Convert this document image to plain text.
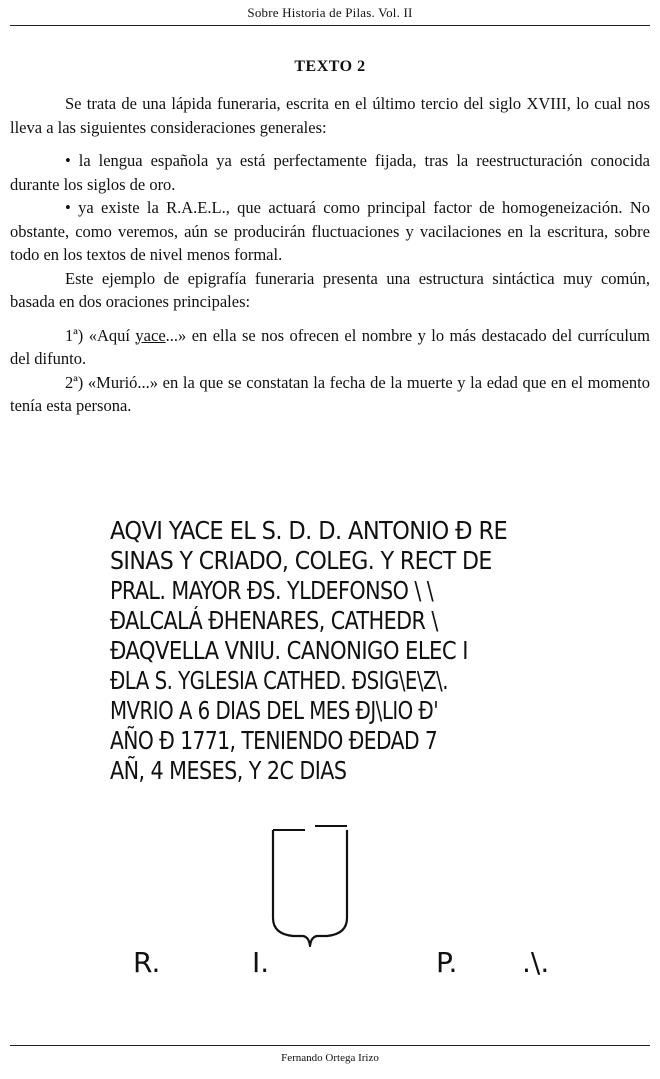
Sobre Historia de Pilas. Vol. II
TEXTO 2

Se trata de una lápida funeraria, escrita en el último tercio del siglo XVIII, lo cual nos lleva a las siguientes consideraciones generales:

• la lengua española ya está perfectamente fijada, tras la reestructuración conocida durante los siglos de oro.

• ya existe la R.A.E.L., que actuará como principal factor de homogeneización. No obstante, como veremos, aún se producirán fluctuaciones y vacilaciones en la escritura, sobre todo en los textos de nivel menos formal.

Este ejemplo de epigrafía funeraria presenta una estructura sintáctica muy común, basada en dos oraciones principales:

1ª) «Aquí yace...» en ella se nos ofrecen el nombre y lo más destacado del currículum del difunto.

2ª) «Murió...» en la que se constatan la fecha de la muerte y la edad que en el momento tenía esta persona.

AQVI YACE EL S. D. D. ANTONIO Ð RE
SINAS Y CRIADO, COLEG. Y RECT DE
PRAL. MAYOR ÐS. YLDEFONSO \ \
ÐALCALÁ ÐHENARES, CATHEDR \
ÐAQVELLA VNIU. CANONIGO ELEC I
ÐLA S. YGLESIA CATHED. ÐSIG\E\Z\.
MVRIO A 6 DIAS DEL MES ÐJ\LIO Ð'
AÑO Ð 1771, TENIENDO ÐEDAD 7
AÑ, 4 MESES, Y 2C DIAS
R.	I.	P. .\.
Fernando Ortega Irizo
